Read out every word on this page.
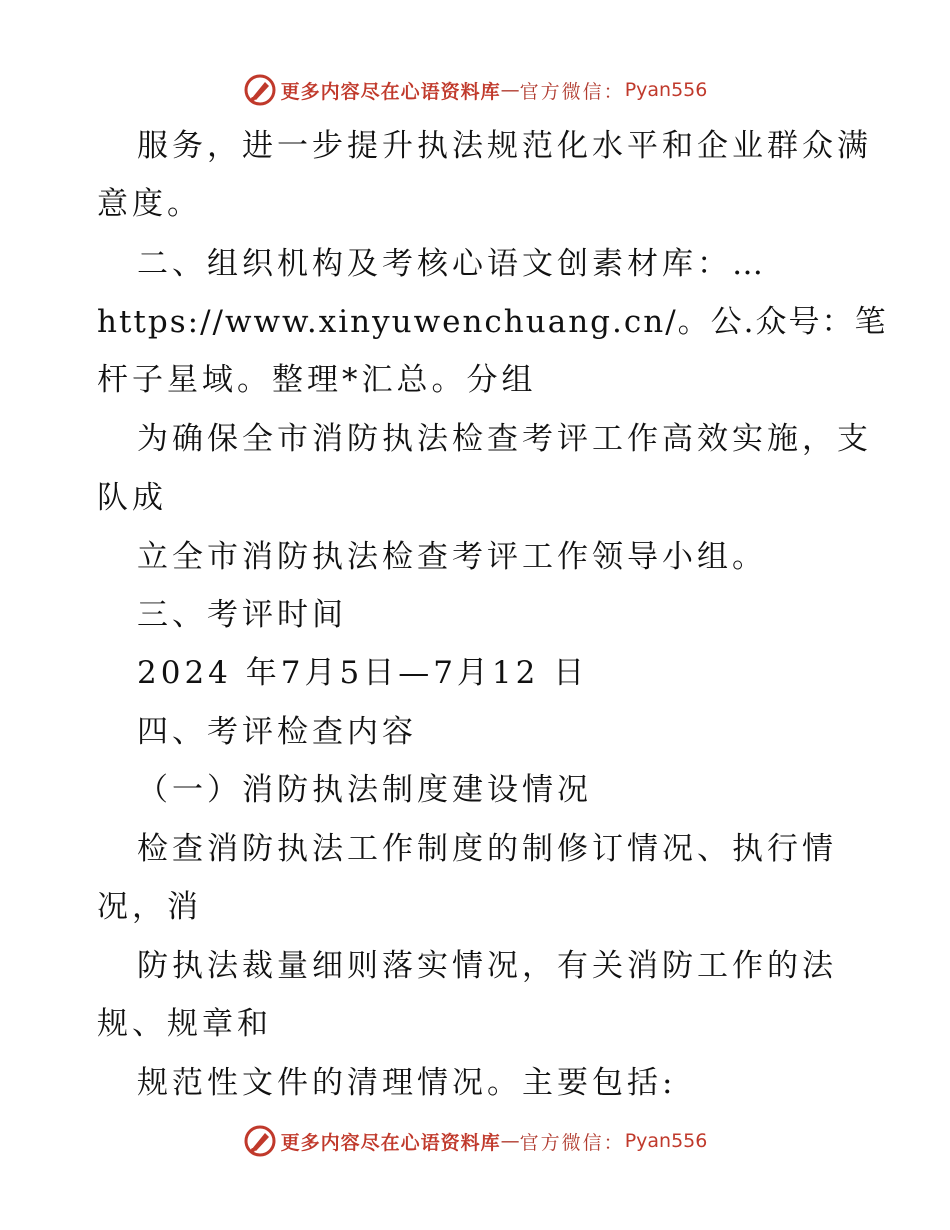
更多内容尽在心语资料库 — 官方微信： Pyan556
服务，进一步提升执法规范化水平和企业群众满
意度。
二、组织机构及考核心语文创素材库：…
https://www.xinyuwenchuang.cn/。公.众号：笔
杆子星域。整理*汇总。分组
为确保全市消防执法检查考评工作高效实施，支
队成
立全市消防执法检查考评工作领导小组。
三、考评时间
2024 年7月5日—7月12 日
四、考评检查内容
（一）消防执法制度建设情况
检查消防执法工作制度的制修订情况、执行情
况，消
防执法裁量细则落实情况，有关消防工作的法
规、规章和
规范性文件的清理情况。主要包括:
更多内容尽在心语资料库 — 官方微信： Pyan556
